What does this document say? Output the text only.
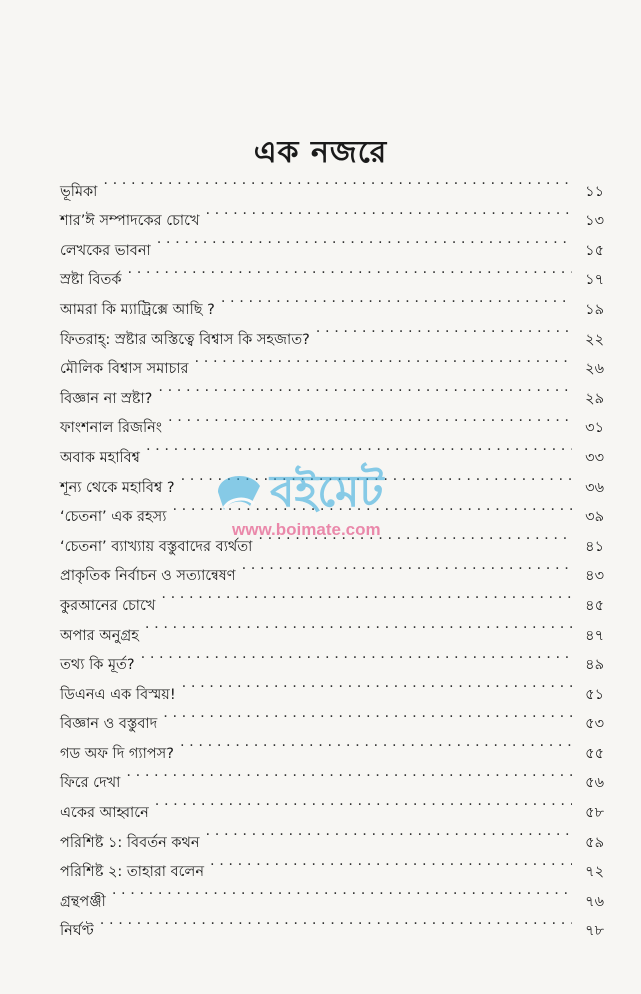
এক নজরে
ভূমিকা . . .	১১
শার’ঈ সম্পাদকের চোখে . . .	১৩
লেখকের ভাবনা . . .	১৫
স্রষ্টা বিতর্ক . . .	১৭
আমরা কি ম্যাট্রিক্সে আছি ? . . .	১৯
ফিতরাহ্‌: স্রষ্টার অস্তিত্বে বিশ্বাস কি সহজাত? . . .	২২
মৌলিক বিশ্বাস সমাচার . . .	২৬
বিজ্ঞান না স্রষ্টা? . . .	২৯
ফাংশনাল রিজনিং . . .	৩১
অবাক মহাবিশ্ব . . .	৩৩
শূন্য থেকে মহাবিশ্ব ? . . .	৩৬
‘চেতনা’ এক রহস্য . . .	৩৯
‘চেতনা’ ব্যাখ্যায় বস্তুবাদের ব্যর্থতা . . .	৪১
প্রাকৃতিক নির্বাচন ও সত্যান্বেষণ . . .	৪৩
কুরআনের চোখে . . .	৪৫
অপার অনুগ্রহ . . .	৪৭
তথ্য কি মূর্ত? . . .	৪৯
ডিএনএ এক বিস্ময়! . . .	৫১
বিজ্ঞান ও বস্তুবাদ . . .	৫৩
গড অফ দি গ্যাপস? . . .	৫৫
ফিরে দেখা . . .	৫৬
একের আহ্বানে . . .	৫৮
পরিশিষ্ট ১: বিবর্তন কথন . . .	৫৯
পরিশিষ্ট ২: তাহারা বলেন . . .	৭২
গ্রন্থপঞ্জী . . .	৭৬
নির্ঘণ্ট . . .	৭৮
বইমেট
www.boimate.com
